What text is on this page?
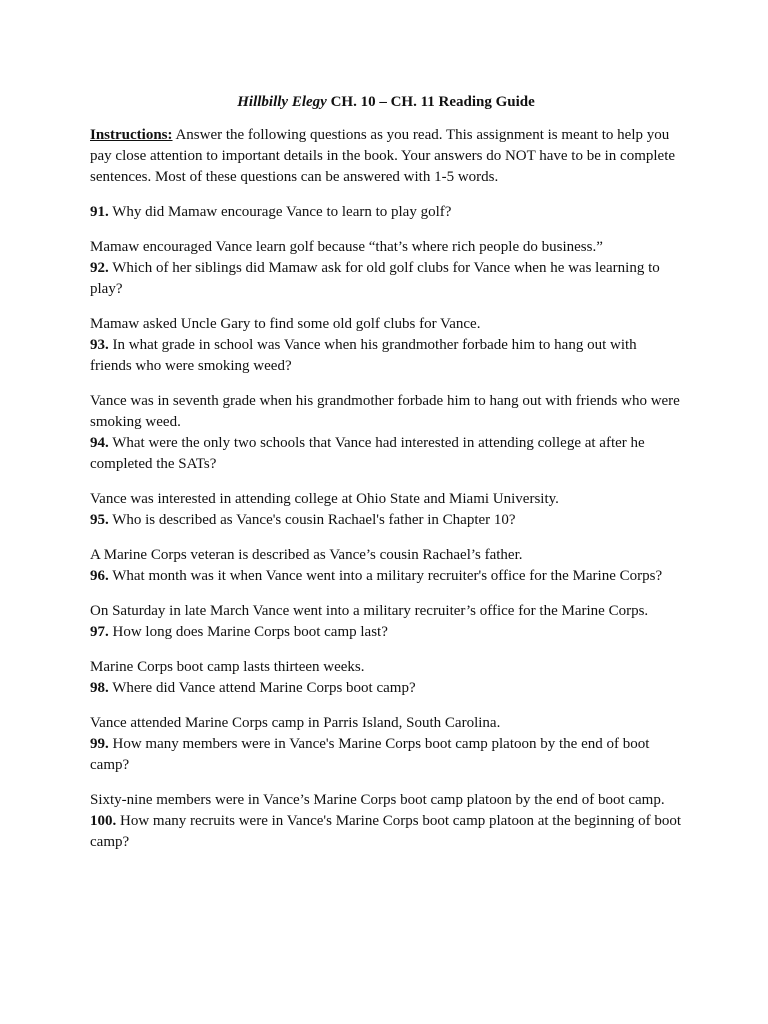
Hillbilly Elegy CH. 10 – CH. 11 Reading Guide

Instructions: Answer the following questions as you read. This assignment is meant to help you pay close attention to important details in the book. Your answers do NOT have to be in complete sentences. Most of these questions can be answered with 1-5 words.

91. Why did Mamaw encourage Vance to learn to play golf?

Mamaw encouraged Vance learn golf because “that’s where rich people do business.”

92. Which of her siblings did Mamaw ask for old golf clubs for Vance when he was learning to play?

Mamaw asked Uncle Gary to find some old golf clubs for Vance.

93. In what grade in school was Vance when his grandmother forbade him to hang out with friends who were smoking weed?

Vance was in seventh grade when his grandmother forbade him to hang out with friends who were smoking weed.

94. What were the only two schools that Vance had interested in attending college at after he completed the SATs?

Vance was interested in attending college at Ohio State and Miami University.

95. Who is described as Vance's cousin Rachael's father in Chapter 10?

A Marine Corps veteran is described as Vance’s cousin Rachael’s father.

96. What month was it when Vance went into a military recruiter's office for the Marine Corps?

On Saturday in late March Vance went into a military recruiter’s office for the Marine Corps.

97. How long does Marine Corps boot camp last?

Marine Corps boot camp lasts thirteen weeks.

98. Where did Vance attend Marine Corps boot camp?

Vance attended Marine Corps camp in Parris Island, South Carolina.

99. How many members were in Vance's Marine Corps boot camp platoon by the end of boot camp?

Sixty-nine members were in Vance’s Marine Corps boot camp platoon by the end of boot camp.

100. How many recruits were in Vance's Marine Corps boot camp platoon at the beginning of boot camp?
